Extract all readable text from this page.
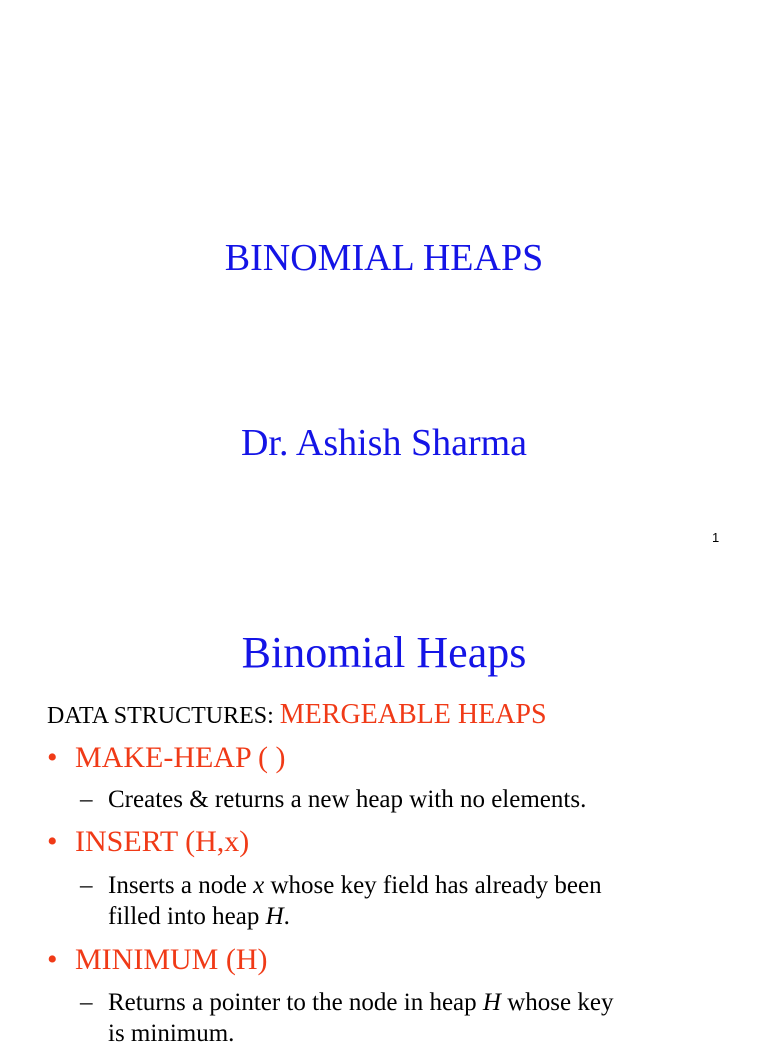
BINOMIAL HEAPS
Dr. Ashish Sharma
1
Binomial Heaps
DATA STRUCTURES: MERGEABLE HEAPS
• MAKE-HEAP ( )
– Creates & returns a new heap with no elements.
• INSERT (H,x)
– Inserts a node x whose key field has already been
filled into heap H.
• MINIMUM (H)
– Returns a pointer to the node in heap H whose key
is minimum.
